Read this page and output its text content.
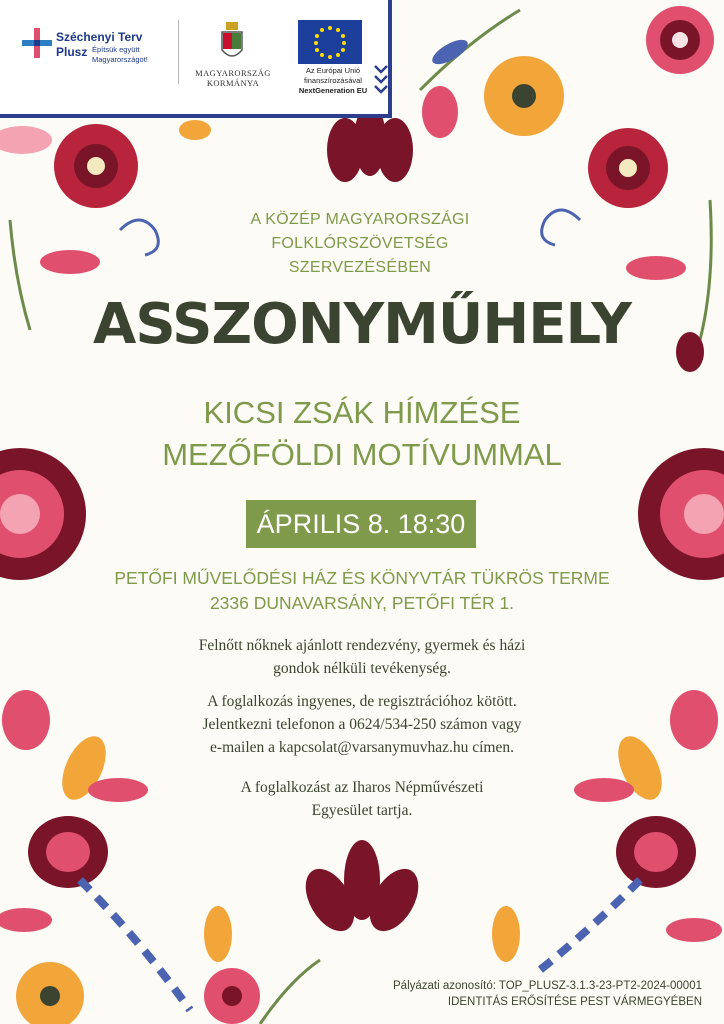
Széchenyi Terv
Plusz Építsük együtt
Magyarországot!
MAGYARORSZÁG
KORMÁNYA
Az Európai Unió
finanszírozásával
NextGeneration EU
A KÖZÉP MAGYARORSZÁGI
FOLKLÓRSZÖVETSÉG
SZERVEZÉSÉBEN
ASSZONYMŰHELY
KICSI ZSÁK HÍMZÉSE
MEZŐFÖLDI MOTÍVUMMAL
ÁPRILIS 8. 18:30
PETŐFI MŰVELŐDÉSI HÁZ ÉS KÖNYVTÁR TÜKRÖS TERME
2336 DUNAVARSÁNY, PETŐFI TÉR 1.
Felnőtt nőknek ajánlott rendezvény, gyermek és házi
gondok nélküli tevékenység.
A foglalkozás ingyenes, de regisztrációhoz kötött.
Jelentkezni telefonon a 0624/534-250 számon vagy
e-mailen a kapcsolat@varsanymuvhaz.hu címen.
A foglalkozást az Iharos Népművészeti
Egyesület tartja.
Pályázati azonosító: TOP_PLUSZ-3.1.3-23-PT2-2024-00001
IDENTITÁS ERŐSÍTÉSE PEST VÁRMEGYÉBEN
